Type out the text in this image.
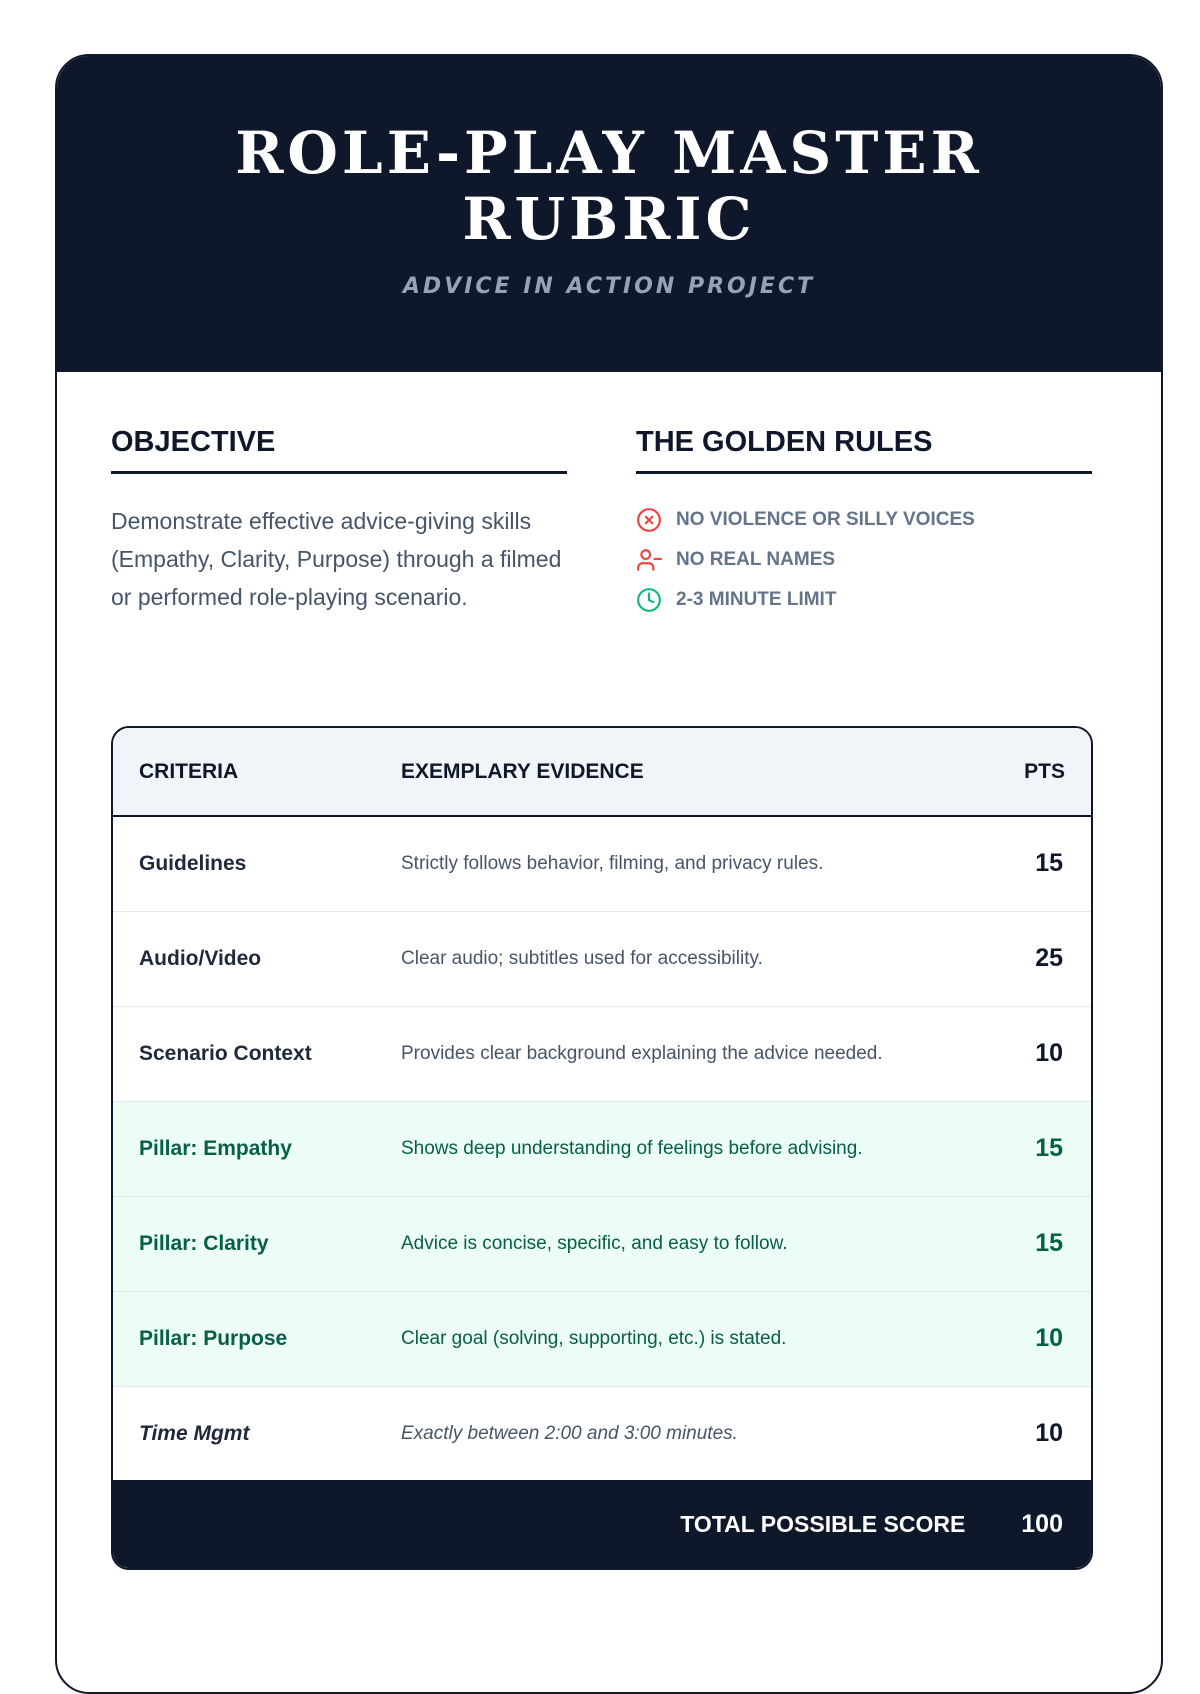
ROLE-PLAY MASTER
RUBRIC
ADVICE IN ACTION PROJECT
OBJECTIVE
Demonstrate effective advice-giving skills (Empathy, Clarity, Purpose) through a filmed or performed role-playing scenario.
THE GOLDEN RULES
NO VIOLENCE OR SILLY VOICES
NO REAL NAMES
2-3 MINUTE LIMIT
CRITERIA	EXEMPLARY EVIDENCE	PTS
Guidelines	Strictly follows behavior, filming, and privacy rules.	15
Audio/Video	Clear audio; subtitles used for accessibility.	25
Scenario Context	Provides clear background explaining the advice needed.	10
Pillar: Empathy	Shows deep understanding of feelings before advising.	15
Pillar: Clarity	Advice is concise, specific, and easy to follow.	15
Pillar: Purpose	Clear goal (solving, supporting, etc.) is stated.	10
Time Mgmt	Exactly between 2:00 and 3:00 minutes.	10
TOTAL POSSIBLE SCORE 100
